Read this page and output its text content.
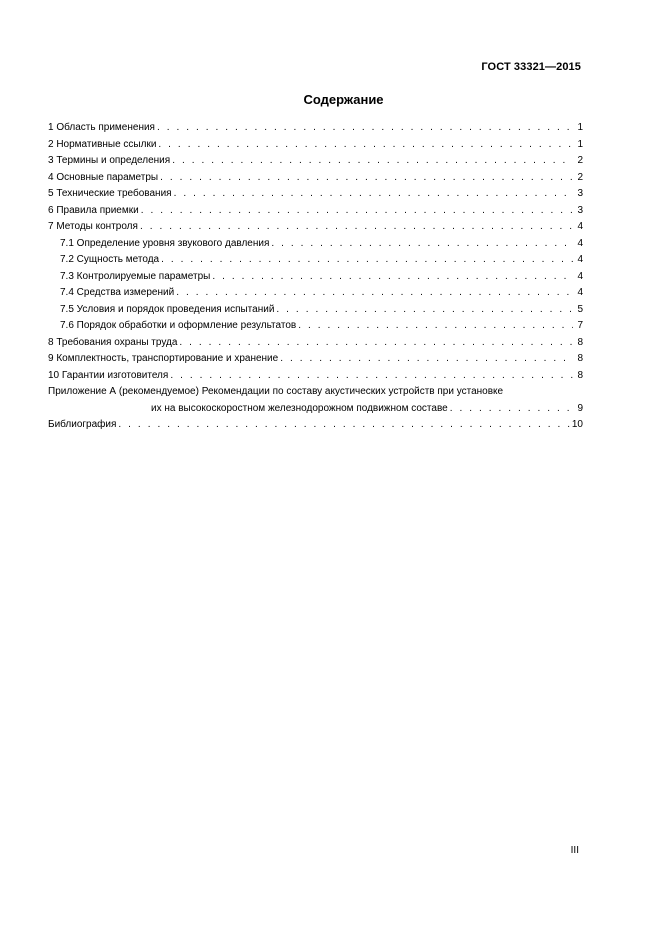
ГОСТ 33321—2015
Содержание
1 Область применения . . .	1
2 Нормативные ссылки . . .	1
3 Термины и определения . . .	2
4 Основные параметры . . .	2
5 Технические требования . . .	3
6 Правила приемки . . .	3
7 Методы контроля . . .	4
7.1 Определение уровня звукового давления . . .	4
7.2 Сущность метода . . .	4
7.3 Контролируемые параметры . . .	4
7.4 Средства измерений . . .	4
7.5 Условия и порядок проведения испытаний . . .	5
7.6 Порядок обработки и оформление результатов . . .	7
8 Требования охраны труда . . .	8
9 Комплектность, транспортирование и хранение . . .	8
10 Гарантии изготовителя . . .	8
Приложение А (рекомендуемое) Рекомендации по составу акустических устройств при установке
их на высокоскоростном железнодорожном подвижном составе . . .	9
Библиография . . .	10
III
